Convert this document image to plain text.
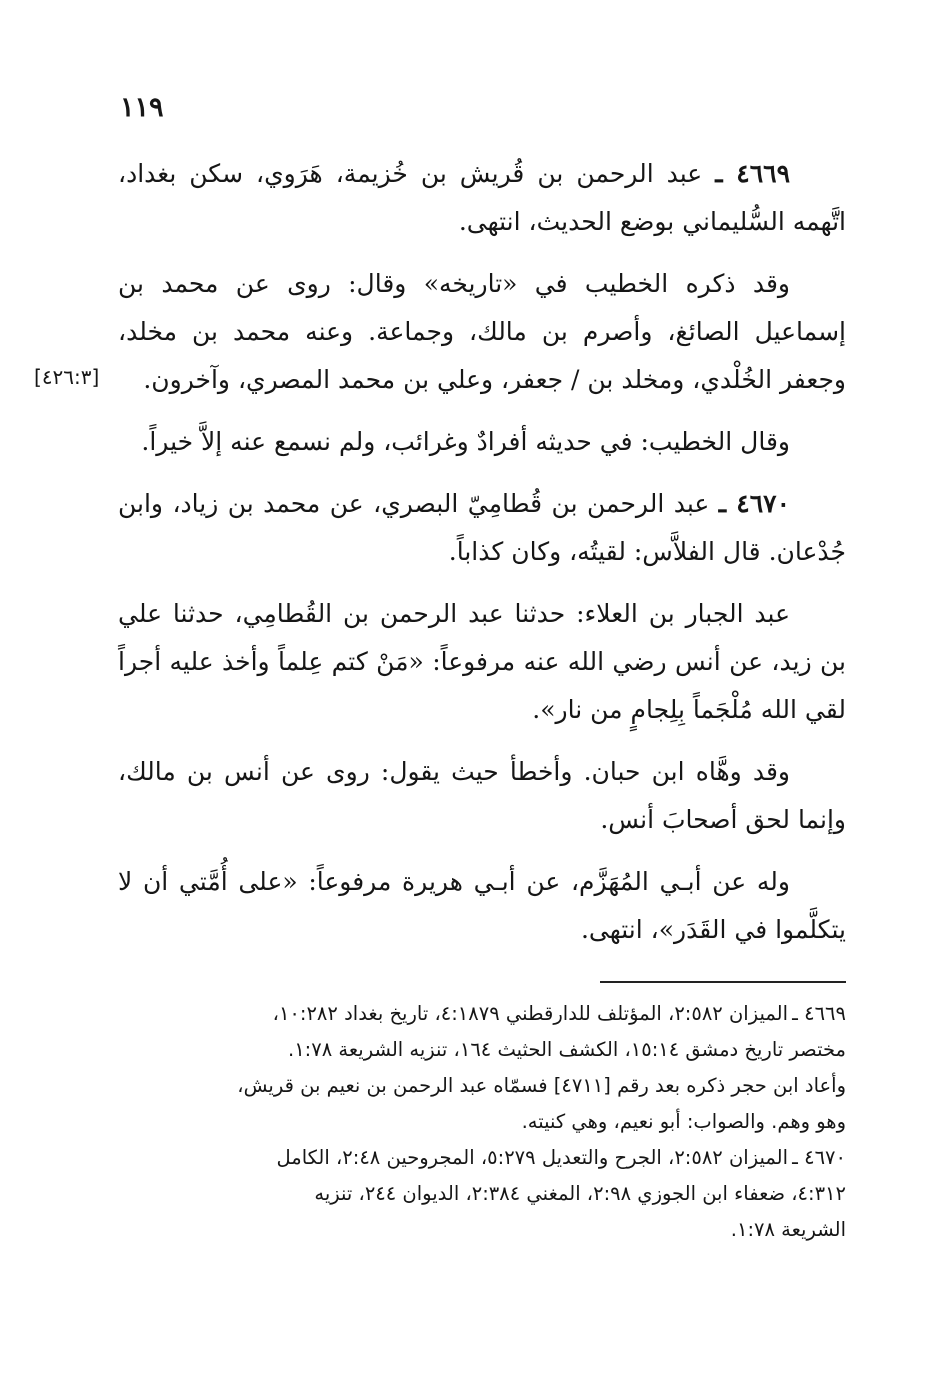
١١٩
[٤٢٦:٣]

٤٦٦٩ ـ عبد الرحمن بن قُريش بن خُزيمة، هَرَوي، سكن بغداد، اتَّهمه السُّليماني بوضع الحديث، انتهى.

وقد ذكره الخطيب في «تاريخه» وقال: روى عن محمد بن إسماعيل الصائغ، وأصرم بن مالك، وجماعة. وعنه محمد بن مخلد، وجعفر الخُلْدي، ومخلد بن / جعفر، وعلي بن محمد المصري، وآخرون.

وقال الخطيب: في حديثه أفرادٌ وغرائب، ولم نسمع عنه إلاَّ خيراً.

٤٦٧٠ ـ عبد الرحمن بن قُطامِيّ البصري، عن محمد بن زياد، وابن جُدْعان. قال الفلاَّس: لقيتُه، وكان كذاباً.

عبد الجبار بن العلاء: حدثنا عبد الرحمن بن القُطامِي، حدثنا علي بن زيد، عن أنس رضي الله عنه مرفوعاً: «مَنْ كتم عِلماً وأخذ عليه أجراً لقي الله مُلْجَماً بِلِجامٍ من نار».

وقد وهَّاه ابن حبان. وأخطأ حيث يقول: روى عن أنس بن مالك، وإنما لحق أصحابَ أنس.

وله عن أبـي المُهَزَّم، عن أبـي هريرة مرفوعاً: «على أُمَّتي أن لا يتكلَّموا في القَدَر»، انتهى.

٤٦٦٩ ـالميزان ٢:٥٨٢، المؤتلف للدارقطني ٤:١٨٧٩، تاريخ بغداد ١٠:٢٨٢،
مختصر تاريخ دمشق ١٥:١٤، الكشف الحثيث ١٦٤، تنزيه الشريعة ١:٧٨.
وأعاد ابن حجر ذكره بعد رقم [٤٧١١] فسمّاه عبد الرحمن بن نعيم بن قريش،
وهو وهم. والصواب: أبو نعيم، وهي كنيته.
٤٦٧٠ ـالميزان ٢:٥٨٢، الجرح والتعديل ٥:٢٧٩، المجروحين ٢:٤٨، الكامل
٤:٣١٢، ضعفاء ابن الجوزي ٢:٩٨، المغني ٢:٣٨٤، الديوان ٢٤٤، تنزيه
الشريعة ١:٧٨.
